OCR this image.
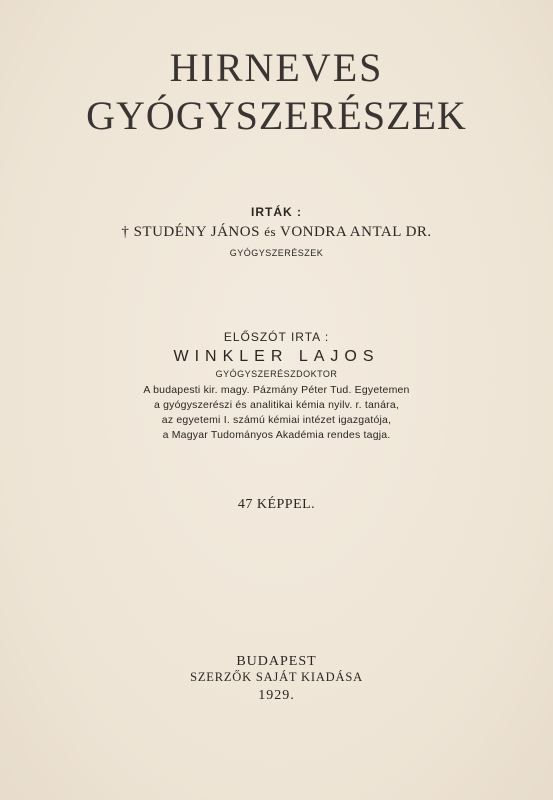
HIRNEVES
GYÓGYSZERÉSZEK
IRTÁK :
† STUDÉNY JÁNOS és VONDRA ANTAL DR.
GYÓGYSZERÉSZEK
ELŐSZÓT IRTA :
WINKLER LAJOS
GYÓGYSZERÉSZDOKTOR
A budapesti kir. magy. Pázmány Péter Tud. Egyetemen
a gyógyszerészi és analitikai kémia nyilv. r. tanára,
az egyetemi I. számú kémiai intézet igazgatója,
a Magyar Tudományos Akadémia rendes tagja.
47 KÉPPEL.
BUDAPEST
SZERZŐK SAJÁT KIADÁSA
1929.
